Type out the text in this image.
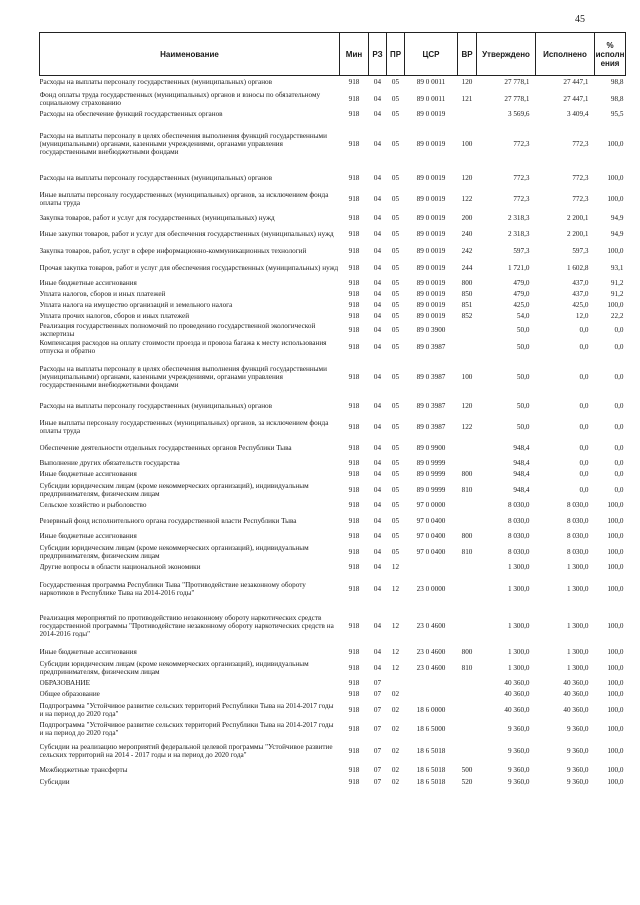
45
Наименование	Мин	РЗ	ПР	ЦСР	ВР	Утверждено	Исполнено	%
исполн
ения
Расходы на выплаты персоналу государственных (муниципальных) органов	918	04	05	89 0 0011	120	27 778,1	27 447,1	98,8
Фонд оплаты труда государственных (муниципальных) органов и взносы по обязательному социальному страхованию	918	04	05	89 0 0011	121	27 778,1	27 447,1	98,8
Расходы на обеспечение функций государственных органов	918	04	05	89 0 0019		3 569,6	3 409,4	95,5
Расходы на выплаты персоналу в целях обеспечения выполнения функций государственными (муниципальными) органами, казенными учреждениями, органами управления государственными внебюджетными фондами	918	04	05	89 0 0019	100	772,3	772,3	100,0
Расходы на выплаты персоналу государственных (муниципальных) органов	918	04	05	89 0 0019	120	772,3	772,3	100,0
Иные выплаты персоналу государственных (муниципальных) органов, за исключением фонда оплаты труда	918	04	05	89 0 0019	122	772,3	772,3	100,0
Закупка товаров, работ и услуг для государственных (муниципальных) нужд	918	04	05	89 0 0019	200	2 318,3	2 200,1	94,9
Иные закупки товаров, работ и услуг для обеспечения государственных (муниципальных) нужд	918	04	05	89 0 0019	240	2 318,3	2 200,1	94,9
Закупка товаров, работ, услуг в сфере информационно-коммуникационных технологий	918	04	05	89 0 0019	242	597,3	597,3	100,0
Прочая закупка товаров, работ и услуг для обеспечения государственных (муниципальных) нужд	918	04	05	89 0 0019	244	1 721,0	1 602,8	93,1
Иные бюджетные ассигнования	918	04	05	89 0 0019	800	479,0	437,0	91,2
Уплата налогов, сборов и иных платежей	918	04	05	89 0 0019	850	479,0	437,0	91,2
Уплата налога на имущество организаций и земельного налога	918	04	05	89 0 0019	851	425,0	425,0	100,0
Уплата прочих налогов, сборов и иных платежей	918	04	05	89 0 0019	852	54,0	12,0	22,2
Реализация государственных полномочий по проведению государственной экологической экспертизы	918	04	05	89 0 3900		50,0	0,0	0,0
Компенсация расходов на оплату стоимости проезда и провоза багажа к месту использования отпуска и обратно	918	04	05	89 0 3987		50,0	0,0	0,0
Расходы на выплаты персоналу в целях обеспечения выполнения функций государственными (муниципальными) органами, казенными учреждениями, органами управления государственными внебюджетными фондами	918	04	05	89 0 3987	100	50,0	0,0	0,0
Расходы на выплаты персоналу государственных (муниципальных) органов	918	04	05	89 0 3987	120	50,0	0,0	0,0
Иные выплаты персоналу государственных (муниципальных) органов, за исключением фонда оплаты труда	918	04	05	89 0 3987	122	50,0	0,0	0,0
Обеспечение деятельности отдельных государственных органов Республики Тыва	918	04	05	89 0 9900		948,4	0,0	0,0
Выполнение других обязательств государства	918	04	05	89 0 9999		948,4	0,0	0,0
Иные бюджетные ассигнования	918	04	05	89 0 9999	800	948,4	0,0	0,0
Субсидии юридическим лицам (кроме некоммерческих организаций), индивидуальным предпринимателям, физическим лицам	918	04	05	89 0 9999	810	948,4	0,0	0,0
Сельское хозяйство и рыболовство	918	04	05	97 0 0000		8 030,0	8 030,0	100,0
Резервный фонд исполнительного органа государственной власти Республики Тыва	918	04	05	97 0 0400		8 030,0	8 030,0	100,0
Иные бюджетные ассигнования	918	04	05	97 0 0400	800	8 030,0	8 030,0	100,0
Субсидии юридическим лицам (кроме некоммерческих организаций), индивидуальным предпринимателям, физическим лицам	918	04	05	97 0 0400	810	8 030,0	8 030,0	100,0
Другие вопросы в области национальной экономики	918	04	12			1 300,0	1 300,0	100,0
Государственная программа Республики Тыва "Противодействие незаконному обороту наркотиков в Республике Тыва на 2014-2016 годы"	918	04	12	23 0 0000		1 300,0	1 300,0	100,0
Реализация мероприятий по противодействию незаконному обороту наркотических средств государственной программы "Противодействие незаконному обороту наркотических средств на 2014-2016 годы"	918	04	12	23 0 4600		1 300,0	1 300,0	100,0
Иные бюджетные ассигнования	918	04	12	23 0 4600	800	1 300,0	1 300,0	100,0
Субсидии юридическим лицам (кроме некоммерческих организаций), индивидуальным предпринимателям, физическим лицам	918	04	12	23 0 4600	810	1 300,0	1 300,0	100,0
ОБРАЗОВАНИЕ	918	07				40 360,0	40 360,0	100,0
Общее образование	918	07	02			40 360,0	40 360,0	100,0
Подпрограмма "Устойчивое развитие сельских территорий Республики Тыва на 2014-2017 годы и на период до 2020 года"	918	07	02	18 6 0000		40 360,0	40 360,0	100,0
Подпрограмма "Устойчивое развитие сельских территорий Республики Тыва на 2014-2017 годы и на период до 2020 года"	918	07	02	18 6 5000		9 360,0	9 360,0	100,0
Субсидии на реализацию мероприятий федеральной целевой программы "Устойчивое развитие сельских территорий на 2014 - 2017 годы и на период до 2020 года"	918	07	02	18 6 5018		9 360,0	9 360,0	100,0
Межбюджетные трансферты	918	07	02	18 6 5018	500	9 360,0	9 360,0	100,0
Субсидии	918	07	02	18 6 5018	520	9 360,0	9 360,0	100,0
